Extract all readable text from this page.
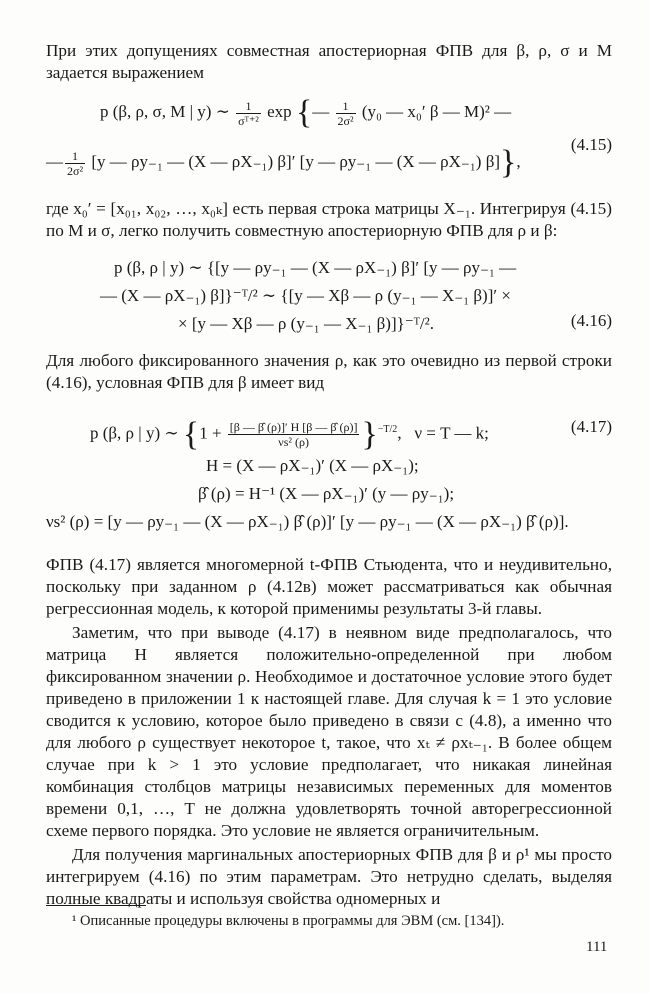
При этих допущениях совместная апостериорная ФПВ для β, ρ, σ и M задается выражением

p (β, ρ, σ, M | y) ∼ $\frac{1}{\text{σᵀ⁺²}}$ exp {— $\frac{1}{\text{2σ²}} (y_0$ — x₀′ β — M)² —
(4.15)
— $\frac{1}{\text{2σ²}} [y$ — ρy₋₁ — (X — ρX₋₁) β]′ [y — ρy₋₁ — (X — ρX₋₁) β]},

где x₀′ = [x₀₁, x₀₂, …, x₀ₖ] есть первая строка матрицы X₋₁. Интегрируя (4.15) по M и σ, легко получить совместную апостериорную ФПВ для ρ и β:

p (β, ρ | y) ∼ {[y — ρy₋₁ — (X — ρX₋₁) β]′ [y — ρy₋₁ —
— (X — ρX₋₁) β]}⁻ᵀ/² ∼ {[y — Xβ — ρ (y₋₁ — X₋₁ β)]′ ×
× [y — Xβ — ρ (y₋₁ — X₋₁ β)]}⁻ᵀ/².	(4.16)

Для любого фиксированного значения ρ, как это очевидно из первой строки (4.16), условная ФПВ для β имеет вид

p (β, ρ | y) ∼ $\{1 + \frac{[\beta — \betâ (\rho)]' H [\beta — \betâ (\rho)]}{\text{νs² (ρ)}} \}^{-T/2}$,   ν = T — k;	(4.17)
H = (X — ρX₋₁)′ (X — ρX₋₁);
β̂ (ρ) = H⁻¹ (X — ρX₋₁)′ (y — ρy₋₁);
νs² (ρ) = [y — ρy₋₁ — (X — ρX₋₁) β̂ (ρ)]′ [y — ρy₋₁ — (X — ρX₋₁) β̂ (ρ)].

ФПВ (4.17) является многомерной t-ФПВ Стьюдента, что и неудивительно, поскольку при заданном ρ (4.12в) может рассматриваться как обычная регрессионная модель, к которой применимы результаты 3-й главы.

Заметим, что при выводе (4.17) в неявном виде предполагалось, что матрица H является положительно-определенной при любом фиксированном значении ρ. Необходимое и достаточное условие этого будет приведено в приложении 1 к настоящей главе. Для случая k = 1 это условие сводится к условию, которое было приведено в связи с (4.8), а именно что для любого ρ существует некоторое t, такое, что xₜ ≠ ρxₜ₋₁. В более общем случае при k > 1 это условие предполагает, что никакая линейная комбинация столбцов матрицы независимых переменных для моментов времени 0,1, …, T не должна удовлетворять точной авторегрессионной схеме первого порядка. Это условие не является ограничительным.

Для получения маргинальных апостериорных ФПВ для β и ρ¹ мы просто интегрируем (4.16) по этим параметрам. Это нетрудно сделать, выделяя полные квадраты и используя свойства одномерных и

¹ Описанные процедуры включены в программы для ЭВМ (см. [134]).
111
